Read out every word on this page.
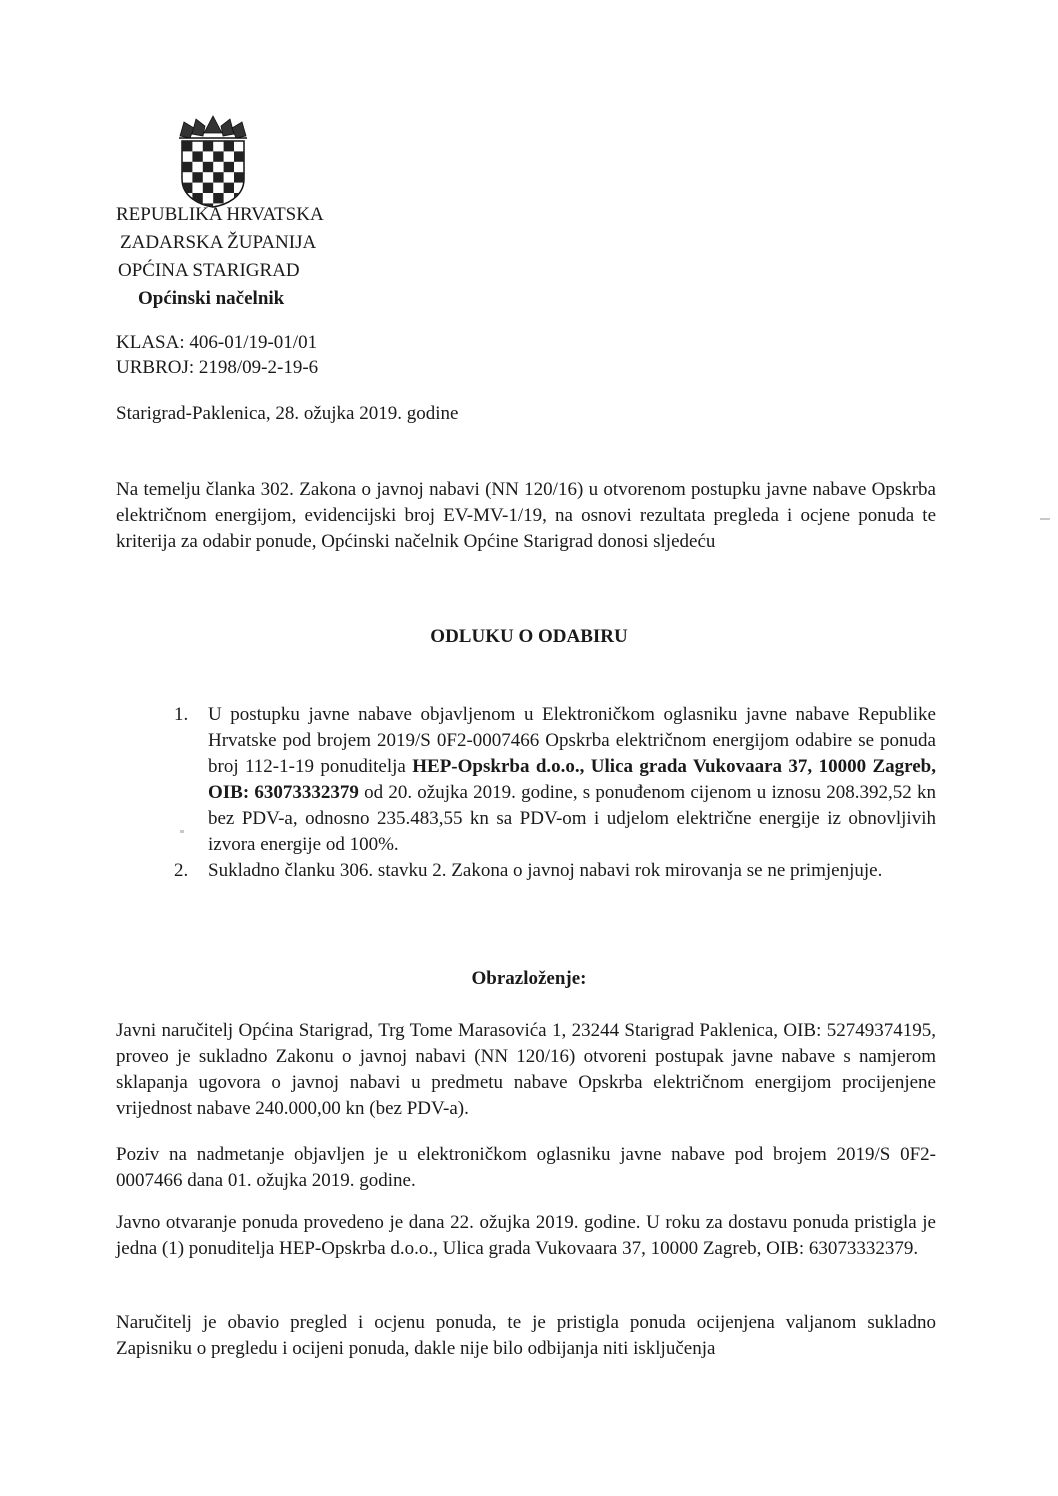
REPUBLIKA HRVATSKA
ZADARSKA ŽUPANIJA
OPĆINA STARIGRAD
Općinski načelnik
KLASA: 406-01/19-01/01
URBROJ: 2198/09-2-19-6
Starigrad-Paklenica, 28. ožujka 2019. godine

Na temelju članka 302. Zakona o javnoj nabavi (NN 120/16) u otvorenom postupku javne nabave Opskrba električnom energijom, evidencijski broj EV-MV-1/19, na osnovi rezultata pregleda i ocjene ponuda te kriterija za odabir ponude, Općinski načelnik Općine Starigrad donosi sljedeću

ODLUKU O ODABIRU
1. U postupku javne nabave objavljenom u Elektroničkom oglasniku javne nabave Republike Hrvatske pod brojem 2019/S 0F2-0007466 Opskrba električnom energijom odabire se ponuda broj 112-1-19 ponuditelja HEP-Opskrba d.o.o., Ulica grada Vukovaara 37, 10000 Zagreb, OIB: 63073332379 od 20. ožujka 2019. godine, s ponuđenom cijenom u iznosu 208.392,52 kn bez PDV-a, odnosno 235.483,55 kn sa PDV-om i udjelom električne energije iz obnovljivih izvora energije od 100%.
2. Sukladno članku 306. stavku 2. Zakona o javnoj nabavi rok mirovanja se ne primjenjuje.
Obrazloženje:

Javni naručitelj Općina Starigrad, Trg Tome Marasovića 1, 23244 Starigrad Paklenica, OIB: 52749374195, proveo je sukladno Zakonu o javnoj nabavi (NN 120/16) otvoreni postupak javne nabave s namjerom sklapanja ugovora o javnoj nabavi u predmetu nabave Opskrba električnom energijom procijenjene vrijednost nabave 240.000,00 kn (bez PDV-a).

Poziv na nadmetanje objavljen je u elektroničkom oglasniku javne nabave pod brojem 2019/S 0F2-0007466 dana 01. ožujka 2019. godine.

Javno otvaranje ponuda provedeno je dana 22. ožujka 2019. godine. U roku za dostavu ponuda pristigla je jedna (1) ponuditelja HEP-Opskrba d.o.o., Ulica grada Vukovaara 37, 10000 Zagreb, OIB: 63073332379.

Naručitelj je obavio pregled i ocjenu ponuda, te je pristigla ponuda ocijenjena valjanom sukladno Zapisniku o pregledu i ocijeni ponuda, dakle nije bilo odbijanja niti isključenja
